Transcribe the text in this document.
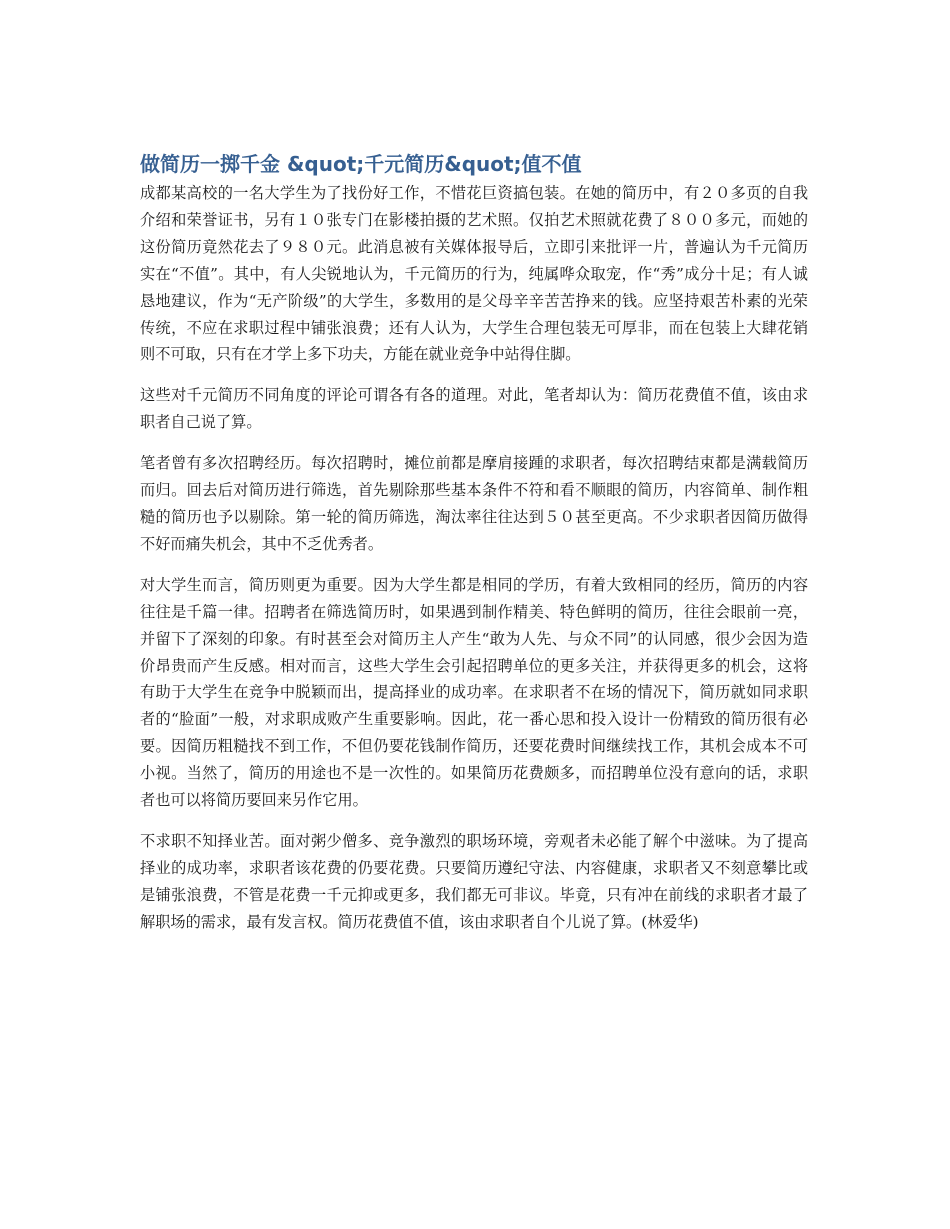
做简历一掷千金 &quot;千元简历&quot;值不值

成都某高校的一名大学生为了找份好工作，不惜花巨资搞包装。在她的简历中，有２０多页的自我介绍和荣誉证书，另有１０张专门在影楼拍摄的艺术照。仅拍艺术照就花费了８００多元，而她的这份简历竟然花去了９８０元。此消息被有关媒体报导后，立即引来批评一片，普遍认为千元简历实在“不值”。其中，有人尖锐地认为，千元简历的行为，纯属哗众取宠，作“秀”成分十足；有人诚恳地建议，作为“无产阶级”的大学生，多数用的是父母辛辛苦苦挣来的钱。应坚持艰苦朴素的光荣传统，不应在求职过程中铺张浪费；还有人认为，大学生合理包装无可厚非，而在包装上大肆花销则不可取，只有在才学上多下功夫，方能在就业竞争中站得住脚。

这些对千元简历不同角度的评论可谓各有各的道理。对此，笔者却认为：简历花费值不值，该由求职者自己说了算。

笔者曾有多次招聘经历。每次招聘时，摊位前都是摩肩接踵的求职者，每次招聘结束都是满载简历而归。回去后对简历进行筛选，首先剔除那些基本条件不符和看不顺眼的简历，内容简单、制作粗糙的简历也予以剔除。第一轮的简历筛选，淘汰率往往达到５０甚至更高。不少求职者因简历做得不好而痛失机会，其中不乏优秀者。

对大学生而言，简历则更为重要。因为大学生都是相同的学历，有着大致相同的经历，简历的内容往往是千篇一律。招聘者在筛选简历时，如果遇到制作精美、特色鲜明的简历，往往会眼前一亮，并留下了深刻的印象。有时甚至会对简历主人产生“敢为人先、与众不同”的认同感，很少会因为造价昂贵而产生反感。相对而言，这些大学生会引起招聘单位的更多关注，并获得更多的机会，这将有助于大学生在竞争中脱颖而出，提高择业的成功率。在求职者不在场的情况下，简历就如同求职者的“脸面”一般，对求职成败产生重要影响。因此，花一番心思和投入设计一份精致的简历很有必要。因简历粗糙找不到工作，不但仍要花钱制作简历，还要花费时间继续找工作，其机会成本不可小视。当然了，简历的用途也不是一次性的。如果简历花费颇多，而招聘单位没有意向的话，求职者也可以将简历要回来另作它用。

不求职不知择业苦。面对粥少僧多、竞争激烈的职场环境，旁观者未必能了解个中滋味。为了提高择业的成功率，求职者该花费的仍要花费。只要简历遵纪守法、内容健康，求职者又不刻意攀比或是铺张浪费，不管是花费一千元抑或更多，我们都无可非议。毕竟，只有冲在前线的求职者才最了解职场的需求，最有发言权。简历花费值不值，该由求职者自个儿说了算。(林爱华)
